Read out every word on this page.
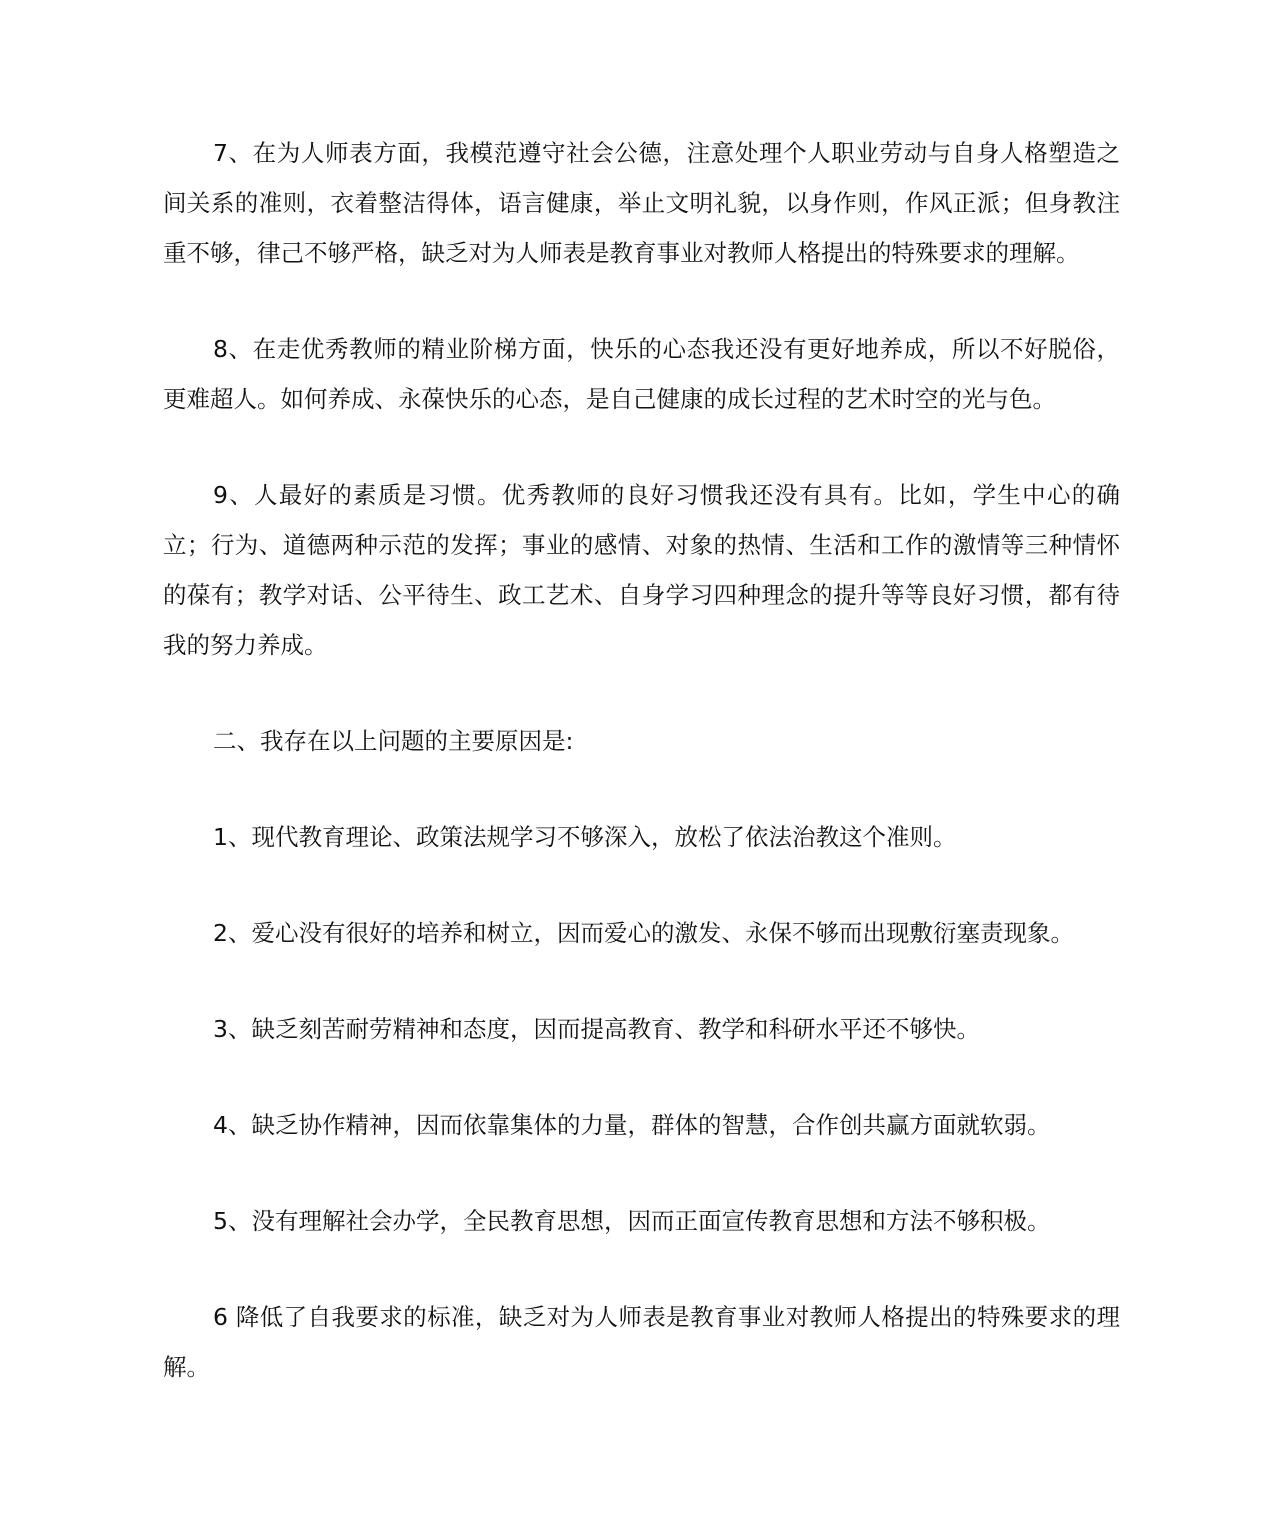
7、在为人师表方面，我模范遵守社会公德，注意处理个人职业劳动与自身人格塑造之间关系的准则，衣着整洁得体，语言健康，举止文明礼貌，以身作则，作风正派；但身教注重不够，律己不够严格，缺乏对为人师表是教育事业对教师人格提出的特殊要求的理解。

8、在走优秀教师的精业阶梯方面，快乐的心态我还没有更好地养成，所以不好脱俗，更难超人。如何养成、永葆快乐的心态，是自己健康的成长过程的艺术时空的光与色。

9、人最好的素质是习惯。优秀教师的良好习惯我还没有具有。比如，学生中心的确立；行为、道德两种示范的发挥；事业的感情、对象的热情、生活和工作的激情等三种情怀的葆有；教学对话、公平待生、政工艺术、自身学习四种理念的提升等等良好习惯，都有待我的努力养成。

二、我存在以上问题的主要原因是:

1、现代教育理论、政策法规学习不够深入，放松了依法治教这个准则。

2、爱心没有很好的培养和树立，因而爱心的激发、永保不够而出现敷衍塞责现象。

3、缺乏刻苦耐劳精神和态度，因而提高教育、教学和科研水平还不够快。

4、缺乏协作精神，因而依靠集体的力量，群体的智慧，合作创共赢方面就软弱。

5、没有理解社会办学，全民教育思想，因而正面宣传教育思想和方法不够积极。

6 降低了自我要求的标准，缺乏对为人师表是教育事业对教师人格提出的特殊要求的理解。
